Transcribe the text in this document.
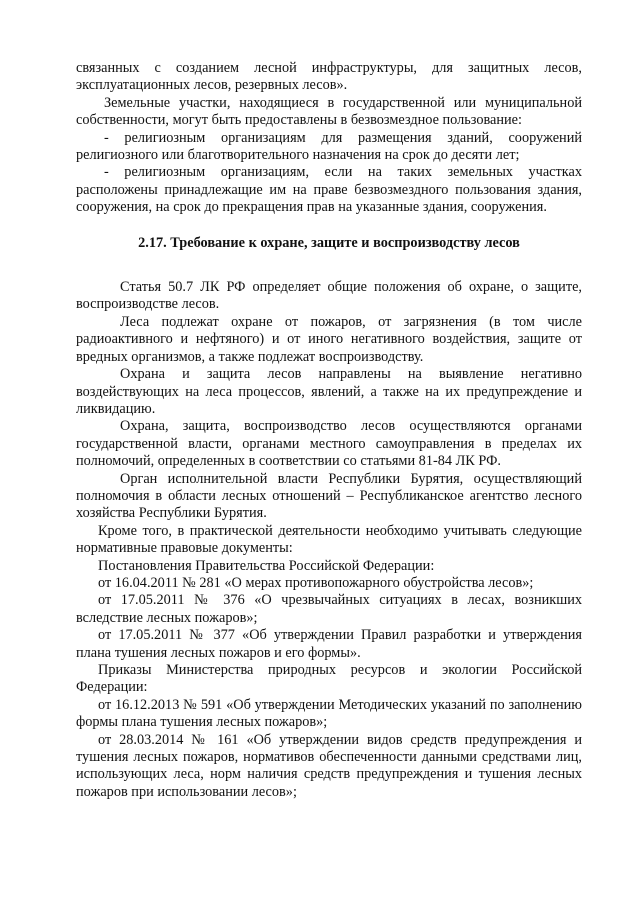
связанных с созданием лесной инфраструктуры, для защитных лесов, эксплуатационных лесов, резервных лесов».

Земельные участки, находящиеся в государственной или муниципальной собственности, могут быть предоставлены в безвозмездное пользование:

- религиозным организациям для размещения зданий, сооружений религиозного или благотворительного назначения на срок до десяти лет;

- религиозным организациям, если на таких земельных участках расположены принадлежащие им на праве безвозмездного пользования здания, сооружения, на срок до прекращения прав на указанные здания, сооружения.

2.17. Требование к охране, защите и воспроизводству лесов

Статья 50.7 ЛК РФ определяет общие положения об охране, о защите, воспроизводстве лесов.

Леса подлежат охране от пожаров, от загрязнения (в том числе радиоактивного и нефтяного) и от иного негативного воздействия, защите от вредных организмов, а также подлежат воспроизводству.

Охрана и защита лесов направлены на выявление негативно воздействующих на леса процессов, явлений, а также на их предупреждение и ликвидацию.

Охрана, защита, воспроизводство лесов осуществляются органами государственной власти, органами местного самоуправления в пределах их полномочий, определенных в соответствии со статьями 81-84 ЛК РФ.

Орган исполнительной власти Республики Бурятия, осуществляющий полномочия в области лесных отношений – Республиканское агентство лесного хозяйства Республики Бурятия.

Кроме того, в практической деятельности необходимо учитывать следующие нормативные правовые документы:

Постановления Правительства Российской Федерации:

от 16.04.2011 № 281 «О мерах противопожарного обустройства лесов»;

от 17.05.2011 № 376 «О чрезвычайных ситуациях в лесах, возникших вследствие лесных пожаров»;

от 17.05.2011 № 377 «Об утверждении Правил разработки и утверждения плана тушения лесных пожаров и его формы».

Приказы Министерства природных ресурсов и экологии Российской Федерации:

от 16.12.2013 № 591 «Об утверждении Методических указаний по заполнению формы плана тушения лесных пожаров»;

от 28.03.2014 № 161 «Об утверждении видов средств предупреждения и тушения лесных пожаров, нормативов обеспеченности данными средствами лиц, использующих леса, норм наличия средств предупреждения и тушения лесных пожаров при использовании лесов»;
